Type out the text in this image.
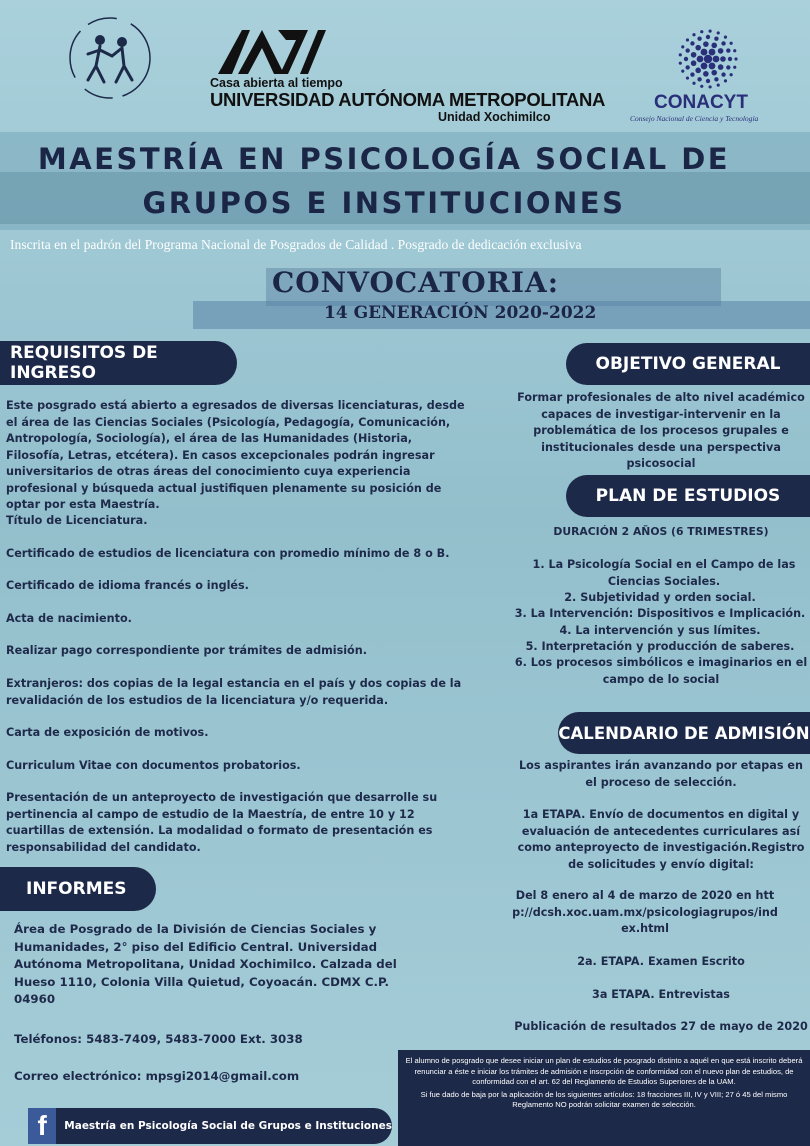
Casa abierta al tiempo
UNIVERSIDAD AUTÓNOMA METROPOLITANA
Unidad Xochimilco
CONACYT
Consejo Nacional de Ciencia y Tecnología
MAESTRÍA EN PSICOLOGÍA SOCIAL DE
GRUPOS E INSTITUCIONES
Inscrita en el padrón del Programa Nacional de Posgrados de Calidad . Posgrado de dedicación exclusiva
CONVOCATORIA:
14 GENERACIÓN 2020-2022
REQUISITOS DE INGRESO
Este posgrado está abierto a egresados de diversas licenciaturas, desde el área de las Ciencias Sociales (Psicología, Pedagogía, Comunicación, Antropología, Sociología), el área de las Humanidades (Historia, Filosofía, Letras, etcétera). En casos excepcionales podrán ingresar universitarios de otras áreas del conocimiento cuya experiencia profesional y búsqueda actual justifiquen plenamente su posición de optar por esta Maestría.
Título de Licenciatura.
Certificado de estudios de licenciatura con promedio mínimo de 8 o B.
Certificado de idioma francés o inglés.
Acta de nacimiento.
Realizar pago correspondiente por trámites de admisión.
Extranjeros: dos copias de la legal estancia en el país y dos copias de la revalidación de los estudios de la licenciatura y/o requerida.
Carta de exposición de motivos.
Curriculum Vitae con documentos probatorios.
Presentación de un anteproyecto de investigación que desarrolle su pertinencia al campo de estudio de la Maestría, de entre 10 y 12 cuartillas de extensión. La modalidad o formato de presentación es responsabilidad del candidato.
INFORMES
Área de Posgrado de la División de Ciencias Sociales y Humanidades, 2° piso del Edificio Central. Universidad Autónoma Metropolitana, Unidad Xochimilco. Calzada del Hueso 1110, Colonia Villa Quietud, Coyoacán. CDMX C.P. 04960
Teléfonos: 5483-7409, 5483-7000 Ext. 3038
Correo electrónico: mpsgi2014@gmail.com
f	Maestría en Psicología Social de Grupos e Instituciones
OBJETIVO GENERAL
Formar profesionales de alto nivel académico capaces de investigar-intervenir en la problemática de los procesos grupales e institucionales desde una perspectiva psicosocial
PLAN DE ESTUDIOS
DURACIÓN 2 AÑOS (6 TRIMESTRES)
1. La Psicología Social en el Campo de las Ciencias Sociales.
2. Subjetividad y orden social.
3. La Intervención: Dispositivos e Implicación.
4. La intervención y sus límites.
5. Interpretación y producción de saberes.
6. Los procesos simbólicos e imaginarios en el campo de lo social
CALENDARIO DE ADMISIÓN
Los aspirantes irán avanzando por etapas en el proceso de selección.
1a ETAPA. Envío de documentos en digital y evaluación de antecedentes curriculares así como anteproyecto de investigación.Registro de solicitudes y envío digital:
Del 8 enero al 4 de marzo de 2020 en http://dcsh.xoc.uam.mx/psicologiagrupos/index.html
2a. ETAPA. Examen Escrito
3a ETAPA. Entrevistas
Publicación de resultados 27 de mayo de 2020
El alumno de posgrado que desee iniciar un plan de estudios de posgrado distinto a aquél en que está inscrito deberá renunciar a éste e iniciar los trámites de admisión e inscrpción de conformidad con el nuevo plan de estudios, de conformidad con el art. 62 del Reglamento de Estudios Superiores de la UAM.
Si fue dado de baja por la aplicación de los siguientes artículos: 18 fracciones III, IV y VIII; 27 ó 45 del mismo Reglamento NO podrán solicitar examen de selección.
